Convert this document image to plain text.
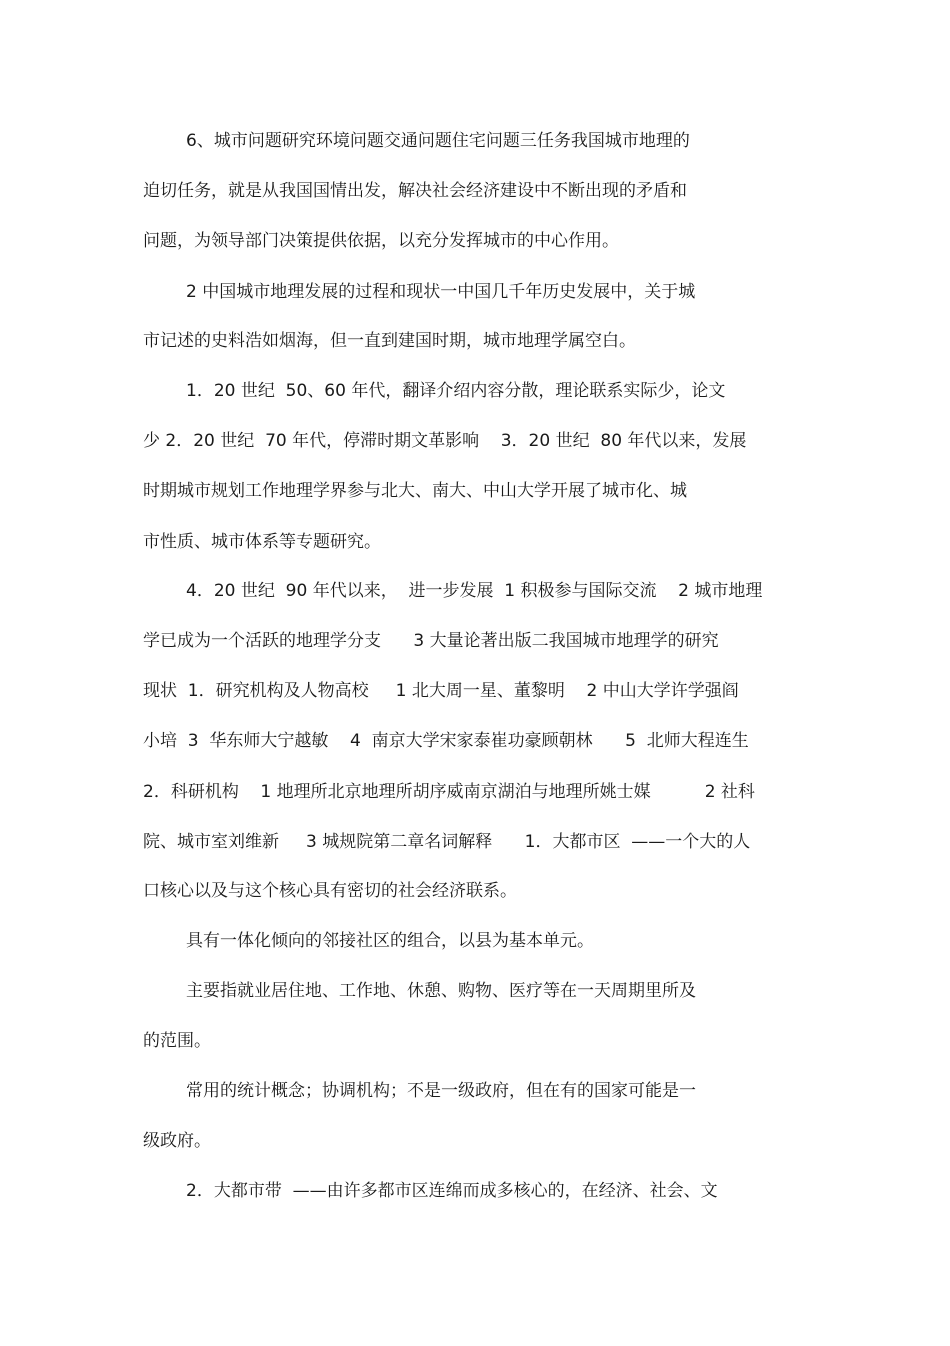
6、城市问题研究环境问题交通问题住宅问题三任务我国城市地理的
迫切任务，就是从我国国情出发，解决社会经济建设中不断出现的矛盾和
问题，为领导部门决策提供依据，以充分发挥城市的中心作用。
2 中国城市地理发展的过程和现状一中国几千年历史发展中，关于城
市记述的史料浩如烟海，但一直到建国时期，城市地理学属空白。
1．20 世纪  50、60 年代，翻译介绍内容分散，理论联系实际少，论文
少 2．20 世纪  70 年代，停滞时期文革影响    3．20 世纪  80 年代以来，发展
时期城市规划工作地理学界参与北大、南大、中山大学开展了城市化、城
市性质、城市体系等专题研究。
4．20 世纪  90 年代以来，  进一步发展  1 积极参与国际交流    2 城市地理
学已成为一个活跃的地理学分支      3 大量论著出版二我国城市地理学的研究
现状  1．研究机构及人物高校     1 北大周一星、董黎明    2 中山大学许学强阎
小培  3  华东师大宁越敏    4  南京大学宋家泰崔功豪顾朝林      5  北师大程连生
2．科研机构    1 地理所北京地理所胡序威南京湖泊与地理所姚士媒          2 社科
院、城市室刘维新     3 城规院第二章名词解释      1．大都市区  ——一个大的人
口核心以及与这个核心具有密切的社会经济联系。
具有一体化倾向的邻接社区的组合，以县为基本单元。
主要指就业居住地、工作地、休憩、购物、医疗等在一天周期里所及
的范围。
常用的统计概念；协调机构；不是一级政府，但在有的国家可能是一
级政府。
2．大都市带  ——由许多都市区连绵而成多核心的，在经济、社会、文
